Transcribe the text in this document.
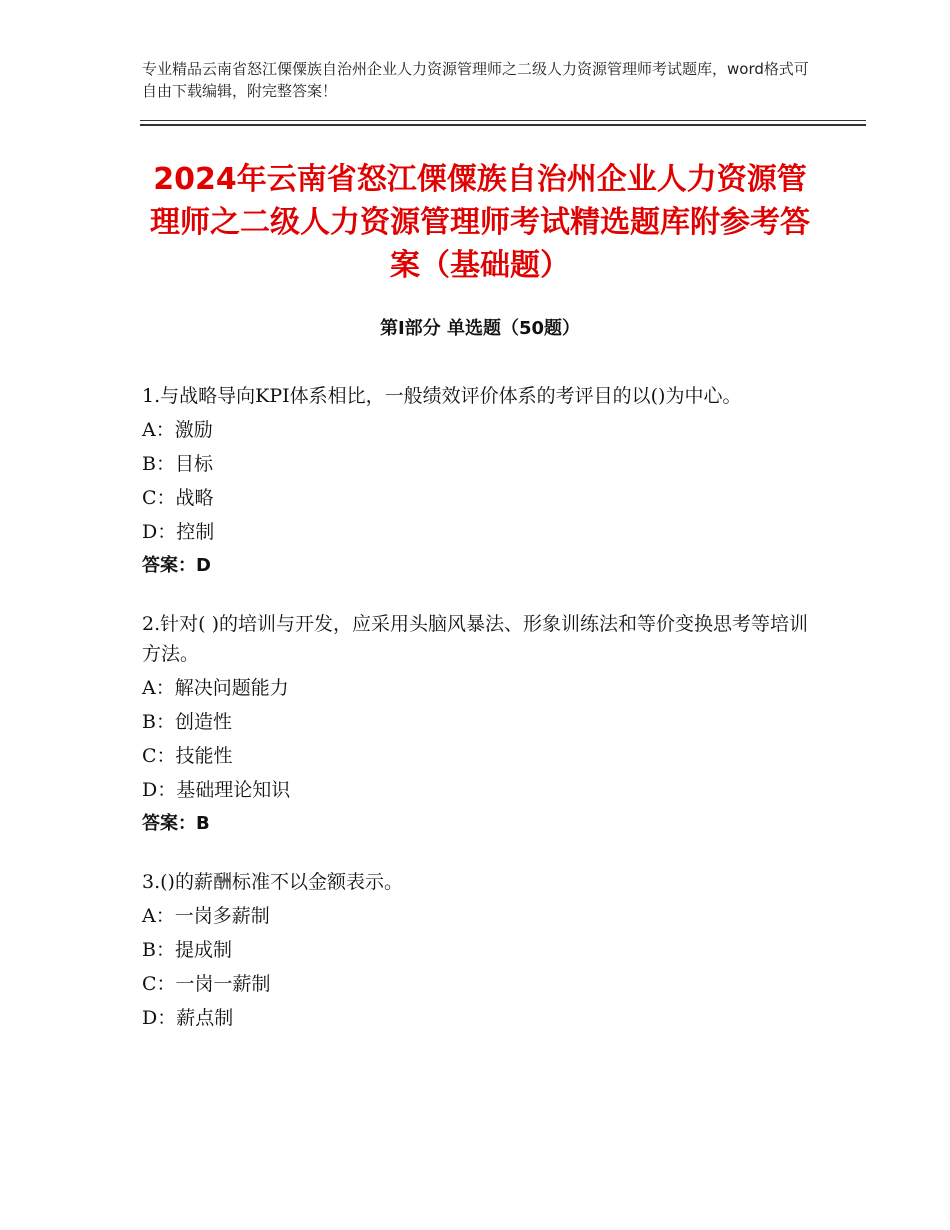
专业精品云南省怒江傈僳族自治州企业人力资源管理师之二级人力资源管理师考试题库，word格式可自由下载编辑，附完整答案！
2024年云南省怒江傈僳族自治州企业人力资源管理师之二级人力资源管理师考试精选题库附参考答案（基础题）
第Ⅰ部分 单选题（50题）

1.与战略导向KPI体系相比，一般绩效评价体系的考评目的以()为中心。

A：激励

B：目标

C：战略

D：控制

答案：D

2.针对( )的培训与开发，应采用头脑风暴法、形象训练法和等价变换思考等培训方法。

A：解决问题能力

B：创造性

C：技能性

D：基础理论知识

答案：B

3.()的薪酬标准不以金额表示。

A：一岗多薪制

B：提成制

C：一岗一薪制

D：薪点制
